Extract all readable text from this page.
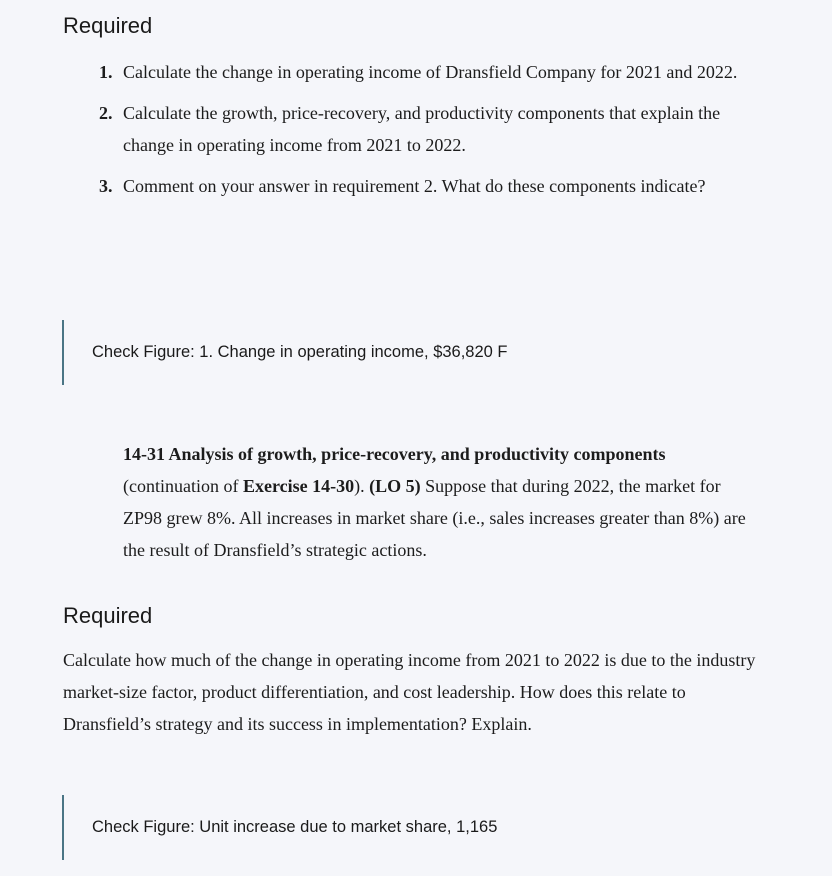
Required
1. Calculate the change in operating income of Dransfield Company for 2021 and 2022.
2. Calculate the growth, price-recovery, and productivity components that explain the change in operating income from 2021 to 2022.
3. Comment on your answer in requirement 2. What do these components indicate?
Check Figure: 1. Change in operating income, $36,820 F

14-31 Analysis of growth, price-recovery, and productivity components (continuation of Exercise 14-30). (LO 5) Suppose that during 2022, the market for ZP98 grew 8%. All increases in market share (i.e., sales increases greater than 8%) are the result of Dransfield’s strategic actions.

Required

Calculate how much of the change in operating income from 2021 to 2022 is due to the industry market-size factor, product differentiation, and cost leadership. How does this relate to Dransfield’s strategy and its success in implementation? Explain.

Check Figure: Unit increase due to market share, 1,165
